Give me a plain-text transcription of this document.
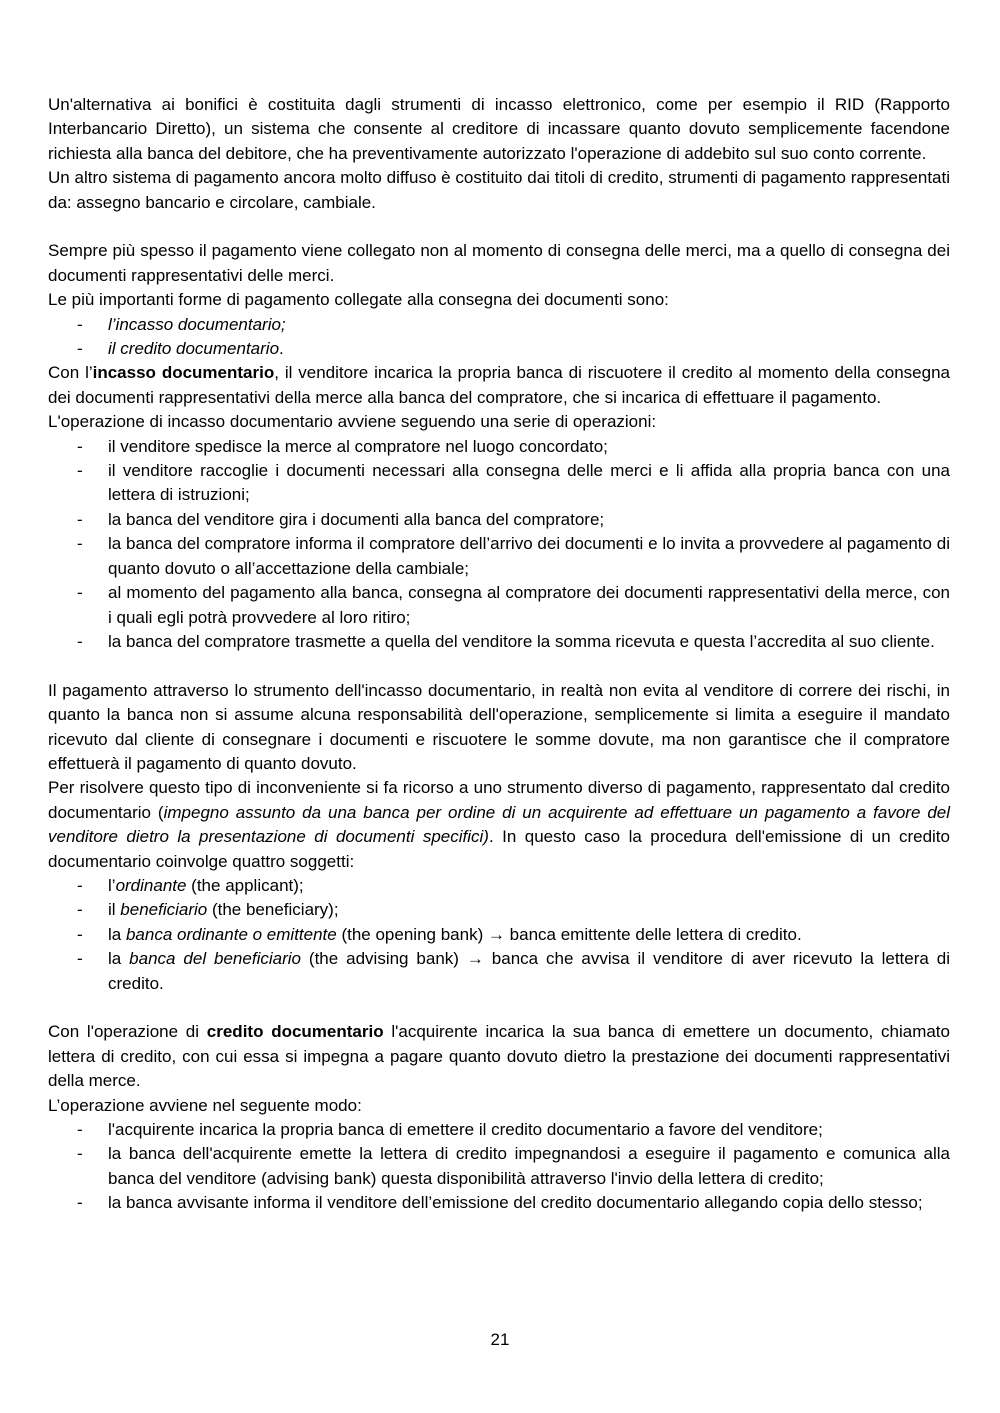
Un'alternativa ai bonifici è costituita dagli strumenti di incasso elettronico, come per esempio il RID (Rapporto Interbancario Diretto), un sistema che consente al creditore di incassare quanto dovuto semplicemente facendone richiesta alla banca del debitore, che ha preventivamente autorizzato l'operazione di addebito sul suo conto corrente.

Un altro sistema di pagamento ancora molto diffuso è costituito dai titoli di credito, strumenti di pagamento rappresentati da: assegno bancario e circolare, cambiale.

Sempre più spesso il pagamento viene collegato non al momento di consegna delle merci, ma a quello di consegna dei documenti rappresentativi delle merci.

Le più importanti forme di pagamento collegate alla consegna dei documenti sono:

- l’incasso documentario;
- il credito documentario.

Con l’incasso documentario, il venditore incarica la propria banca di riscuotere il credito al momento della consegna dei documenti rappresentativi della merce alla banca del compratore, che si incarica di effettuare il pagamento.

L'operazione di incasso documentario avviene seguendo una serie di operazioni:

- il venditore spedisce la merce al compratore nel luogo concordato;
- il venditore raccoglie i documenti necessari alla consegna delle merci e li affida alla propria banca con una lettera di istruzioni;
- la banca del venditore gira i documenti alla banca del compratore;
- la banca del compratore informa il compratore dell’arrivo dei documenti e lo invita a provvedere al pagamento di quanto dovuto o all’accettazione della cambiale;
- al momento del pagamento alla banca, consegna al compratore dei documenti rappresentativi della merce, con i quali egli potrà provvedere al loro ritiro;
- la banca del compratore trasmette a quella del venditore la somma ricevuta e questa l’accredita al suo cliente.

Il pagamento attraverso lo strumento dell'incasso documentario, in realtà non evita al venditore di correre dei rischi, in quanto la banca non si assume alcuna responsabilità dell'operazione, semplicemente si limita a eseguire il mandato ricevuto dal cliente di consegnare i documenti e riscuotere le somme dovute, ma non garantisce che il compratore effettuerà il pagamento di quanto dovuto.

Per risolvere questo tipo di inconveniente si fa ricorso a uno strumento diverso di pagamento, rappresentato dal credito documentario (impegno assunto da una banca per ordine di un acquirente ad effettuare un pagamento a favore del venditore dietro la presentazione di documenti specifici). In questo caso la procedura dell'emissione di un credito documentario coinvolge quattro soggetti:

- l’ordinante (the applicant);
- il beneficiario (the beneficiary);
- la banca ordinante o emittente (the opening bank) → banca emittente delle lettera di credito.
- la banca del beneficiario (the advising bank) → banca che avvisa il venditore di aver ricevuto la lettera di credito.

Con l'operazione di credito documentario l'acquirente incarica la sua banca di emettere un documento, chiamato lettera di credito, con cui essa si impegna a pagare quanto dovuto dietro la prestazione dei documenti rappresentativi della merce.

L’operazione avviene nel seguente modo:

- l'acquirente incarica la propria banca di emettere il credito documentario a favore del venditore;
- la banca dell'acquirente emette la lettera di credito impegnandosi a eseguire il pagamento e comunica alla banca del venditore (advising bank) questa disponibilità attraverso l'invio della lettera di credito;
- la banca avvisante informa il venditore dell’emissione del credito documentario allegando copia dello stesso;
21
